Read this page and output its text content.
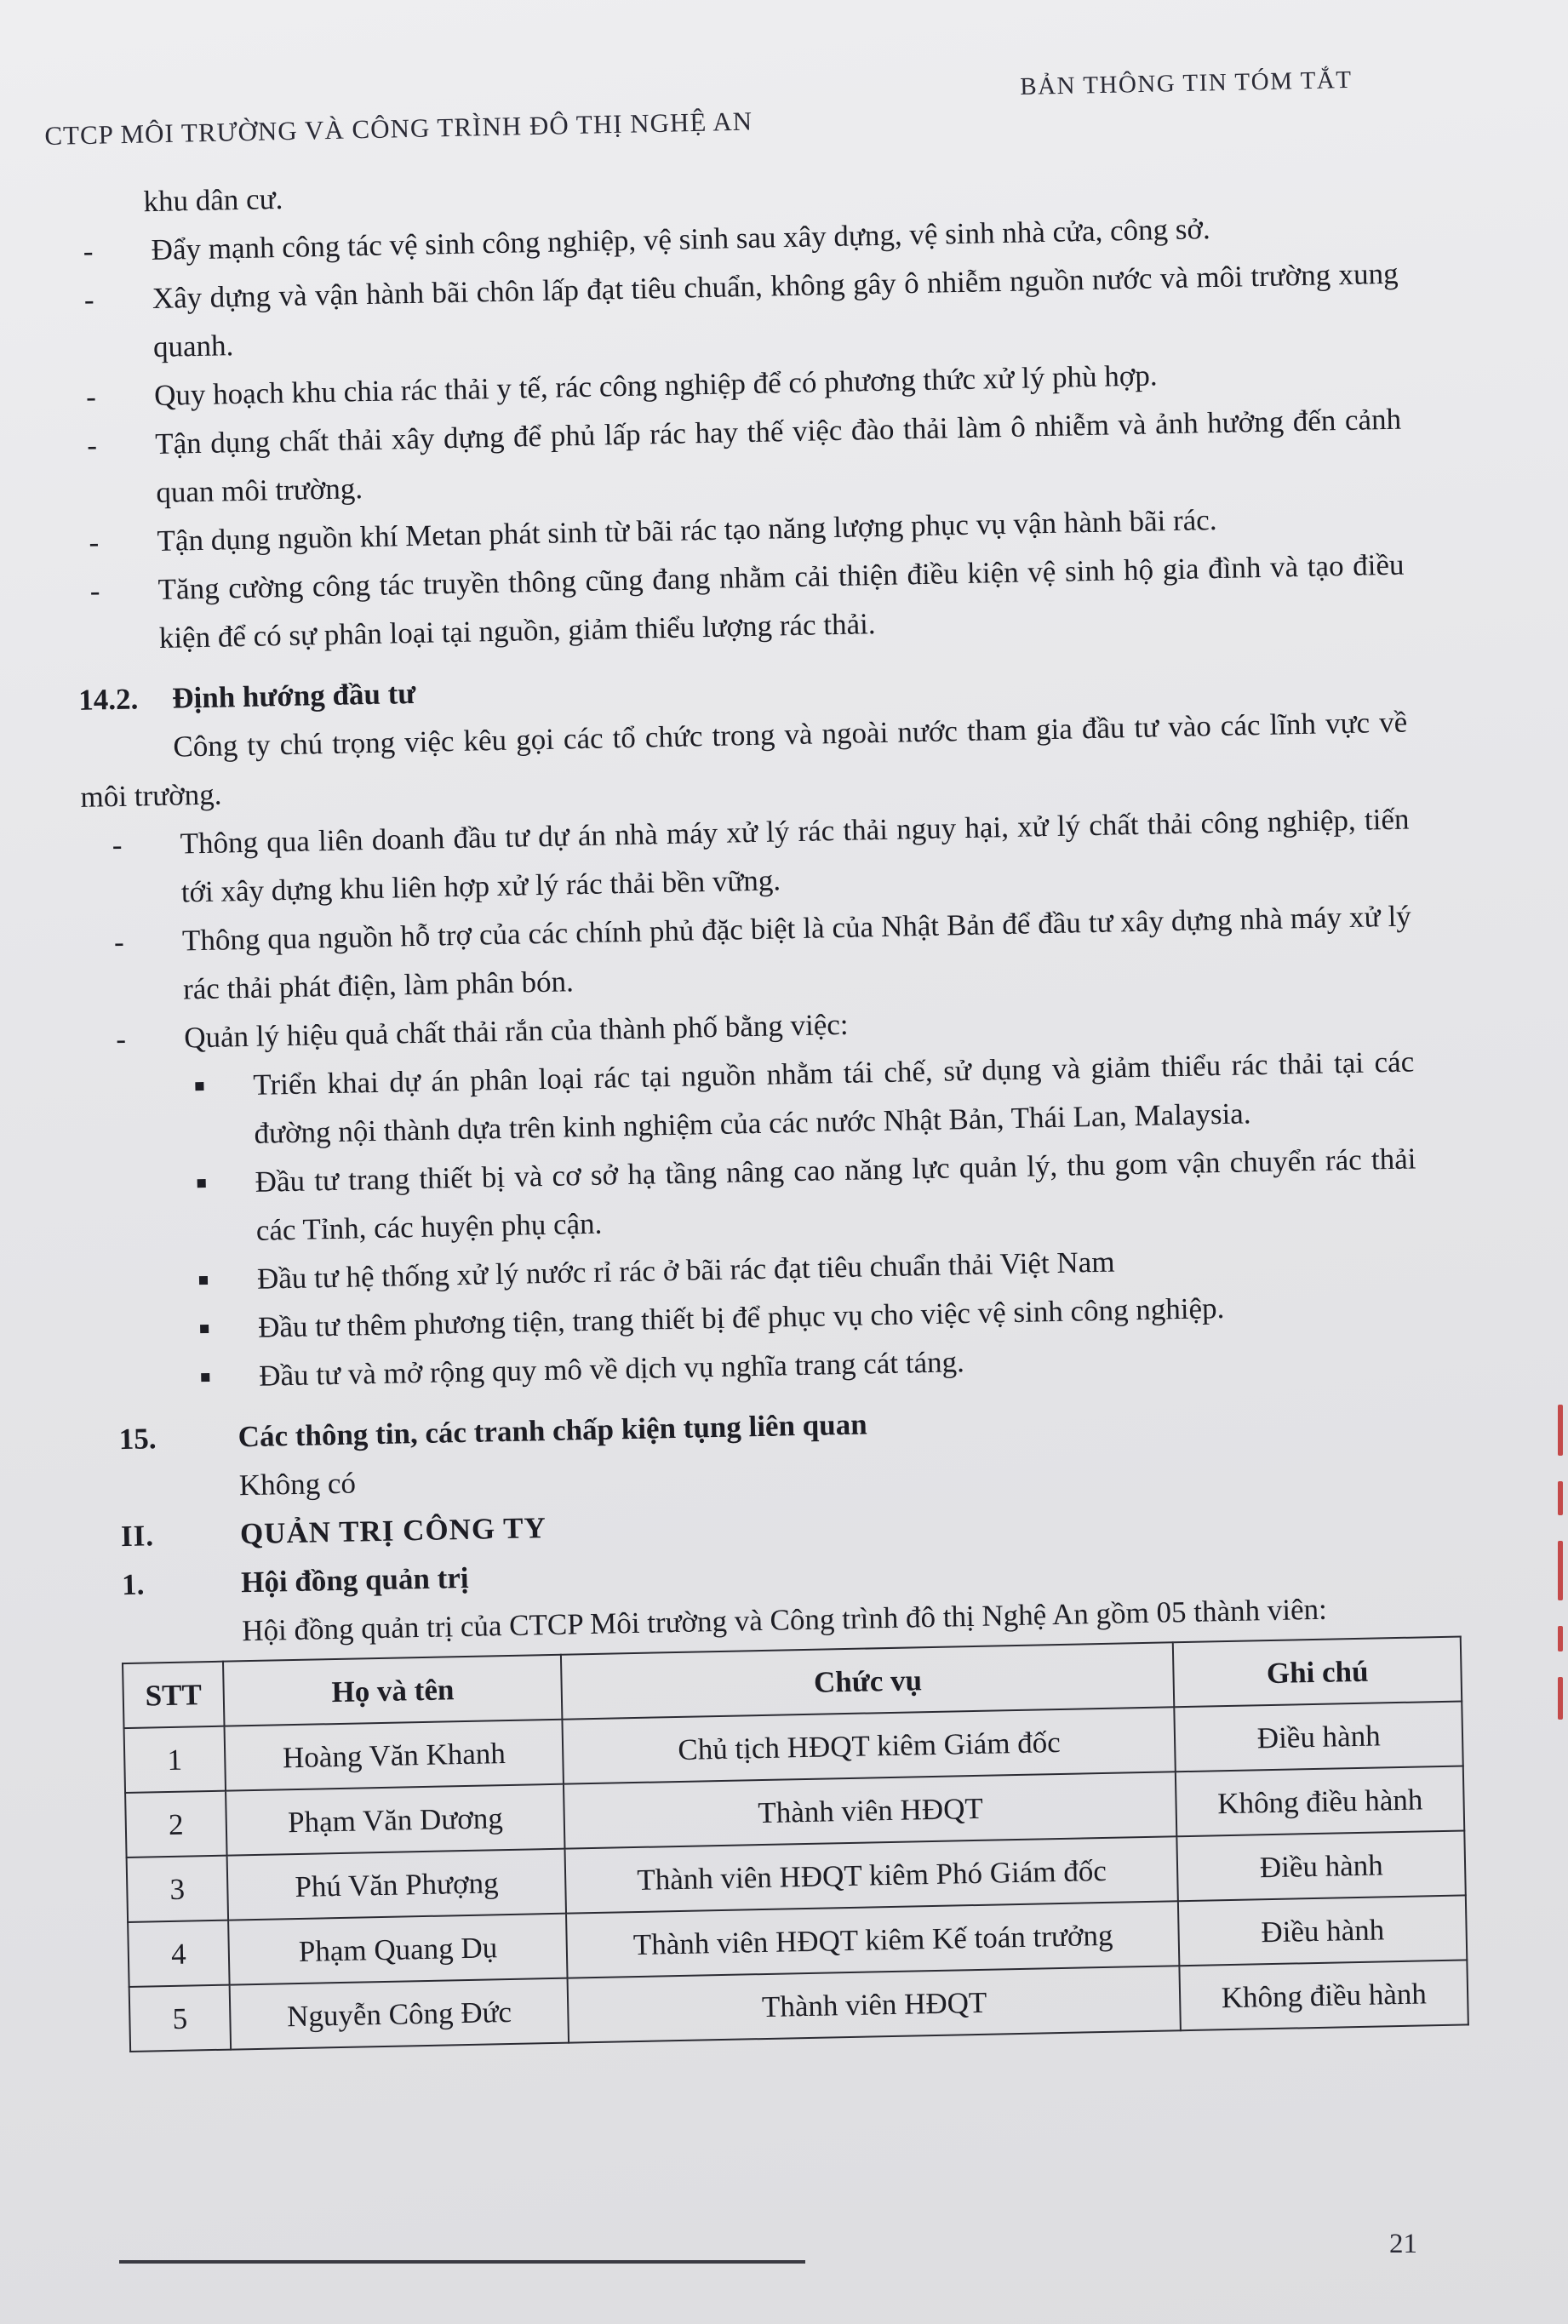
CTCP MÔI TRƯỜNG VÀ CÔNG TRÌNH ĐÔ THỊ NGHỆ AN
BẢN THÔNG TIN TÓM TẮT

khu dân cư.

-	Đẩy mạnh công tác vệ sinh công nghiệp, vệ sinh sau xây dựng, vệ sinh nhà cửa, công sở.

-	Xây dựng và vận hành bãi chôn lấp đạt tiêu chuẩn, không gây ô nhiễm nguồn nước và môi trường xung quanh.

-	Quy hoạch khu chia rác thải y tế, rác công nghiệp để có phương thức xử lý phù hợp.

-	Tận dụng chất thải xây dựng để phủ lấp rác hay thế việc đào thải làm ô nhiễm và ảnh hưởng đến cảnh quan môi trường.

-	Tận dụng nguồn khí Metan phát sinh từ bãi rác tạo năng lượng phục vụ vận hành bãi rác.

-	Tăng cường công tác truyền thông cũng đang nhằm cải thiện điều kiện vệ sinh hộ gia đình và tạo điều kiện để có sự phân loại tại nguồn, giảm thiểu lượng rác thải.

14.2.	Định hướng đầu tư

Công ty chú trọng việc kêu gọi các tổ chức trong và ngoài nước tham gia đầu tư vào các lĩnh vực về môi trường.

-	Thông qua liên doanh đầu tư dự án nhà máy xử lý rác thải nguy hại, xử lý chất thải công nghiệp, tiến tới xây dựng khu liên hợp xử lý rác thải bền vững.

-	Thông qua nguồn hỗ trợ của các chính phủ đặc biệt là của Nhật Bản để đầu tư xây dựng nhà máy xử lý rác thải phát điện, làm phân bón.

-	Quản lý hiệu quả chất thải rắn của thành phố bằng việc:

Triển khai dự án phân loại rác tại nguồn nhằm tái chế, sử dụng và giảm thiểu rác thải tại các đường nội thành dựa trên kinh nghiệm của các nước Nhật Bản, Thái Lan, Malaysia.

Đầu tư trang thiết bị và cơ sở hạ tầng nâng cao năng lực quản lý, thu gom vận chuyển rác thải các Tỉnh, các huyện phụ cận.

Đầu tư hệ thống xử lý nước rỉ rác ở bãi rác đạt tiêu chuẩn thải Việt Nam

Đầu tư thêm phương tiện, trang thiết bị để phục vụ cho việc vệ sinh công nghiệp.

Đầu tư và mở rộng quy mô về dịch vụ nghĩa trang cát táng.

15.	Các thông tin, các tranh chấp kiện tụng liên quan

Không có

II.	QUẢN TRỊ CÔNG TY

1.	Hội đồng quản trị

Hội đồng quản trị của CTCP Môi trường và Công trình đô thị Nghệ An gồm 05 thành viên:

STT	Họ và tên	Chức vụ	Ghi chú
1	Hoàng Văn Khanh	Chủ tịch HĐQT kiêm Giám đốc	Điều hành
2	Phạm Văn Dương	Thành viên HĐQT	Không điều hành
3	Phú Văn Phượng	Thành viên HĐQT kiêm Phó Giám đốc	Điều hành
4	Phạm Quang Dụ	Thành viên HĐQT kiêm Kế toán trưởng	Điều hành
5	Nguyễn Công Đức	Thành viên HĐQT	Không điều hành
21
